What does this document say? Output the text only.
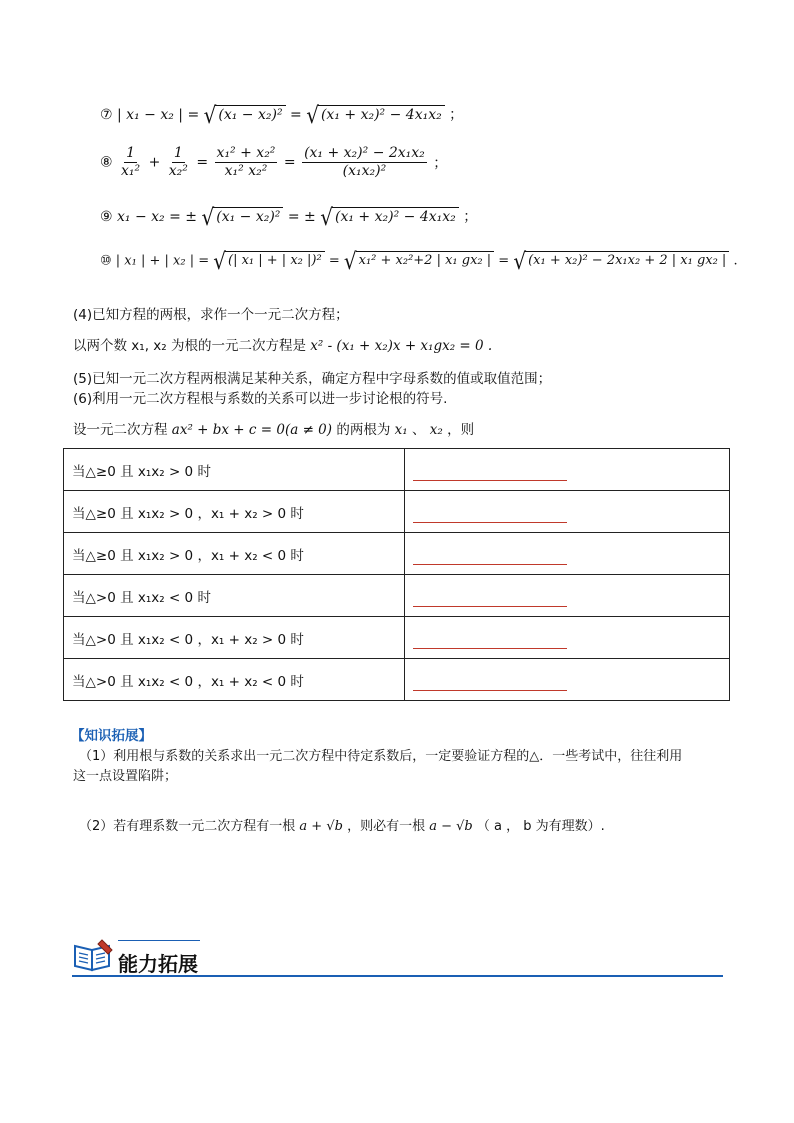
⑦ | x₁ − x₂ | = √ (x₁ − x₂)² = √ (x₁ + x₂)² − 4x₁x₂ ；
⑧ $\frac{1}{\text{x₁²}} + \frac{1}{\text{x₂²}} = \frac{\text{x₁² + x₂²}}{\text{x₁² x₂²}} = \frac{\text{(x₁ + x₂)² − 2x₁x₂}}{\text{(x₁x₂)²}}$ ；
⑨ x₁ − x₂ = ± √ (x₁ − x₂)² = ± √ (x₁ + x₂)² − 4x₁x₂ ；
⑩ | x₁ | + | x₂ | = √ (| x₁ | + | x₂ |)² = √ x₁² + x₂²+2 | x₁ gx₂ | = √ (x₁ + x₂)² − 2x₁x₂ + 2 | x₁ gx₂ | .
(4)已知方程的两根，求作一个一元二次方程；
以两个数 x₁, x₂ 为根的一元二次方程是 x² - (x₁ + x₂)x + x₁gx₂ = 0 .
(5)已知一元二次方程两根满足某种关系，确定方程中字母系数的值或取值范围；
(6)利用一元二次方程根与系数的关系可以进一步讨论根的符号.
设一元二次方程 ax² + bx + c = 0(a ≠ 0) 的两根为 x₁ 、 x₂ ，则
当△≥0 且 x₁x₂ > 0 时	

当△≥0 且 x₁x₂ > 0 ，x₁ + x₂ > 0 时	

当△≥0 且 x₁x₂ > 0 ，x₁ + x₂ < 0 时	

当△>0 且 x₁x₂ < 0 时	

当△>0 且 x₁x₂ < 0 ，x₁ + x₂ > 0 时	

当△>0 且 x₁x₂ < 0 ，x₁ + x₂ < 0 时	
【知识拓展】
（1）利用根与系数的关系求出一元二次方程中待定系数后，一定要验证方程的△．一些考试中，往往利用
这一点设置陷阱；
（2）若有理系数一元二次方程有一根 a + √b ，则必有一根 a − √b （ a ， b 为有理数）.
能力拓展
